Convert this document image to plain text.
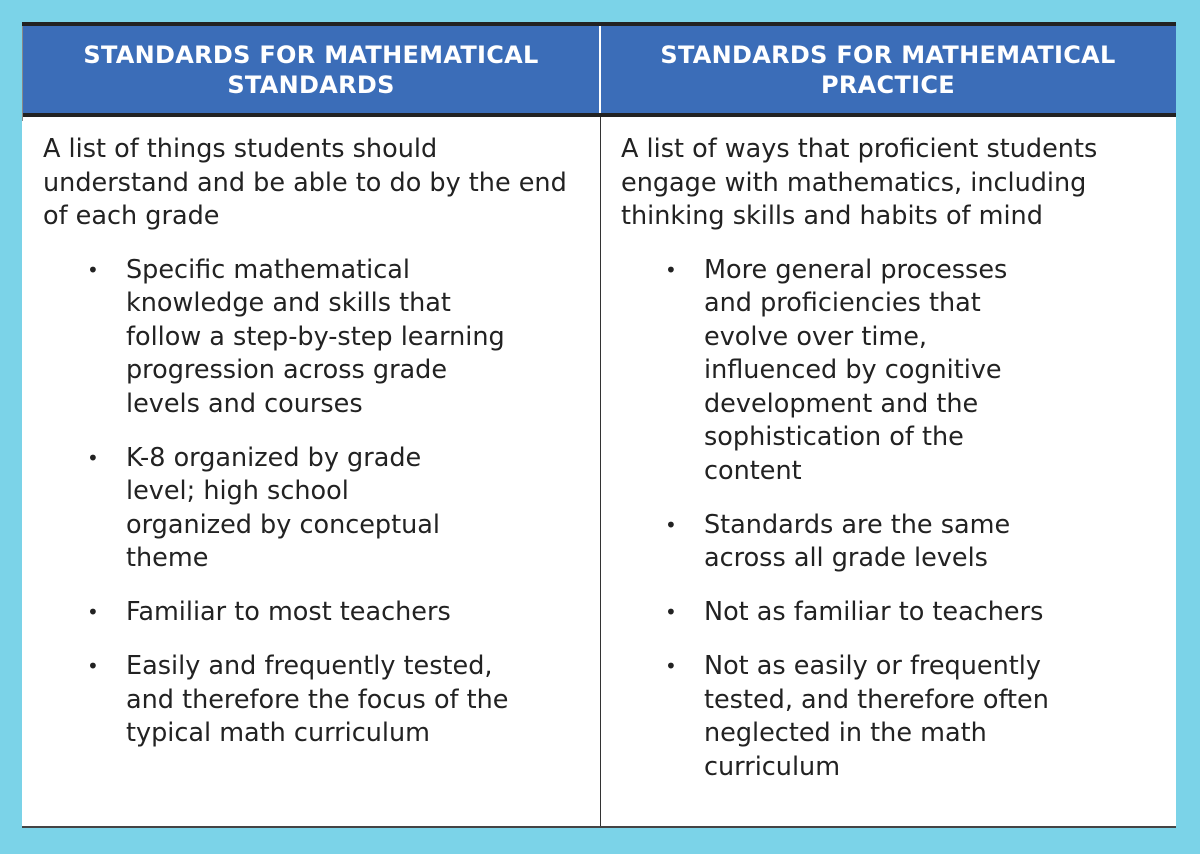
STANDARDS FOR MATHEMATICAL STANDARDS
STANDARDS FOR MATHEMATICAL PRACTICE
A list of things students should understand and be able to do by the end of each grade
• Specific mathematical knowledge and skills that follow a step-by-step learning progression across grade levels and courses
• K-8 organized by grade level; high school organized by conceptual theme
• Familiar to most teachers
• Easily and frequently tested, and therefore the focus of the typical math curriculum
A list of ways that proficient students engage with mathematics, including thinking skills and habits of mind
• More general processes and proficiencies that evolve over time, influenced by cognitive development and the sophistication of the content
• Standards are the same across all grade levels
• Not as familiar to teachers
• Not as easily or frequently tested, and therefore often neglected in the math curriculum
